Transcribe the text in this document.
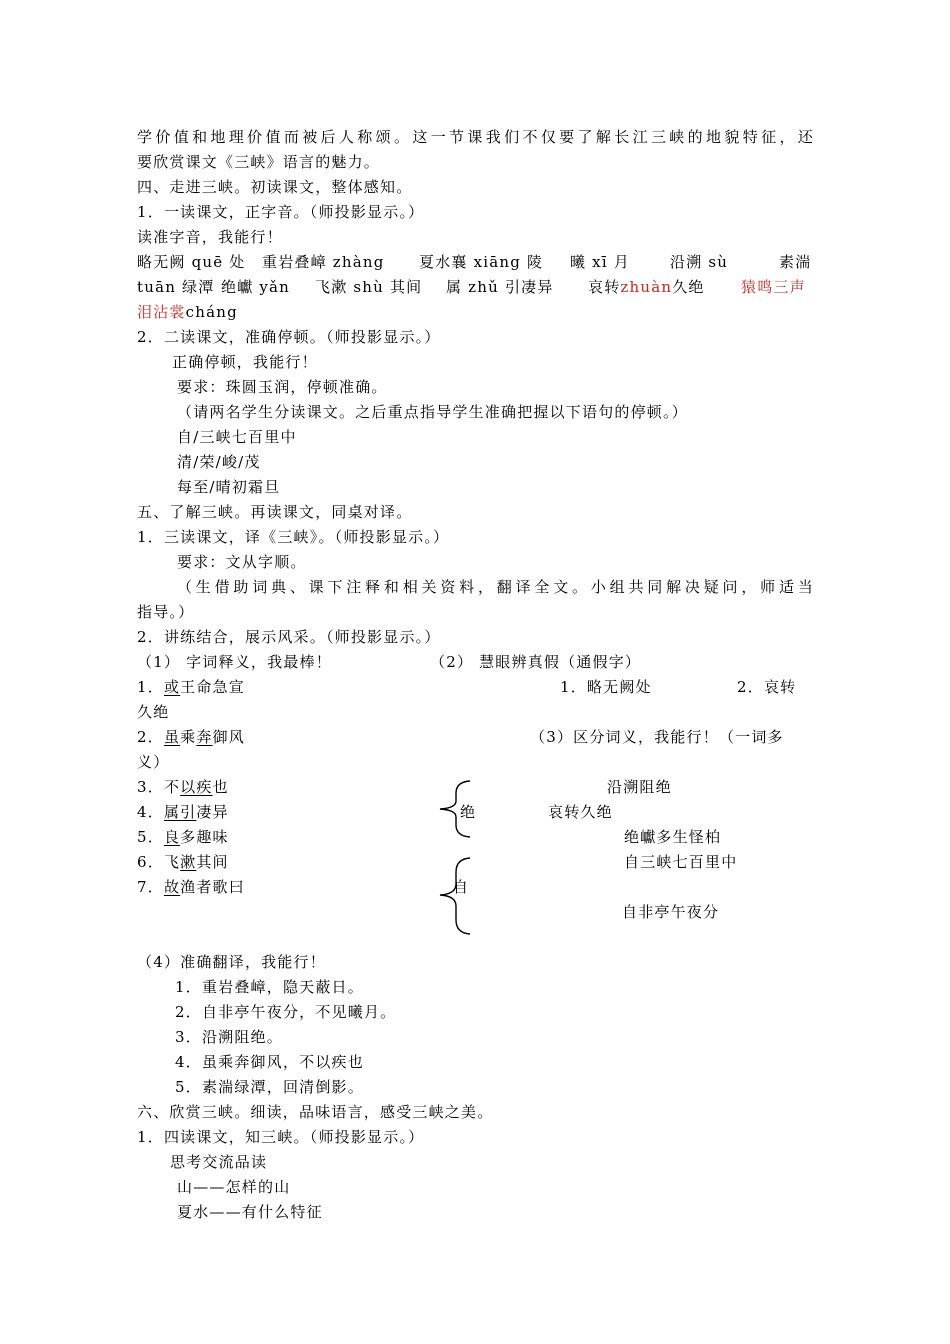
学价值和地理价值而被后人称颂。这一节课我们不仅要了解长江三峡的地貌特征，还
要欣赏课文《三峡》语言的魅力。
四、走进三峡。初读课文，整体感知。
1．一读课文，正字音。（师投影显示。）
读准字音，我能行！
略无阙 quē 处 重岩叠嶂 zhàng 夏水襄 xiāng 陵 曦 xī 月	沿溯 sù	素湍
tuān 绿潭 绝巘 yǎn 飞漱 shù 其间 属 zhǔ 引凄异 哀转zhuàn久绝 猿鸣三声
泪沾裳cháng
2．二读课文，准确停顿。（师投影显示。）
正确停顿，我能行！
要求：珠圆玉润，停顿准确。
（请两名学生分读课文。之后重点指导学生准确把握以下语句的停顿。）
自/三峡七百里中
清/荣/峻/茂
每至/晴初霜旦
五、了解三峡。再读课文，同桌对译。
1．三读课文，译《三峡》。（师投影显示。）
要求：文从字顺。
（生借助词典、课下注释和相关资料，翻译全文。小组共同解决疑问，师适当
指导。）
2．讲练结合，展示风采。（师投影显示。）
（1） 字词释义，我最棒！	（2） 慧眼辨真假（通假字）
1．或王命急宣	1．略无阙处	2．哀转
久绝
2．虽乘奔御风	（3）区分词义，我能行！（一词多
义）
3．不以疾也
4．属引凄异
5．良多趣味
6．飞漱其间
7．故渔者歌曰
绝
自
沿溯阻绝
哀转久绝
绝巘多生怪柏
自三峡七百里中
自非亭午夜分
（4）准确翻译，我能行！
1．重岩叠嶂，隐天蔽日。
2．自非亭午夜分，不见曦月。
3．沿溯阻绝。
4．虽乘奔御风，不以疾也
5．素湍绿潭，回清倒影。
六、欣赏三峡。细读，品味语言，感受三峡之美。
1．四读课文，知三峡。（师投影显示。）
思考交流品读
山——怎样的山
夏水——有什么特征
